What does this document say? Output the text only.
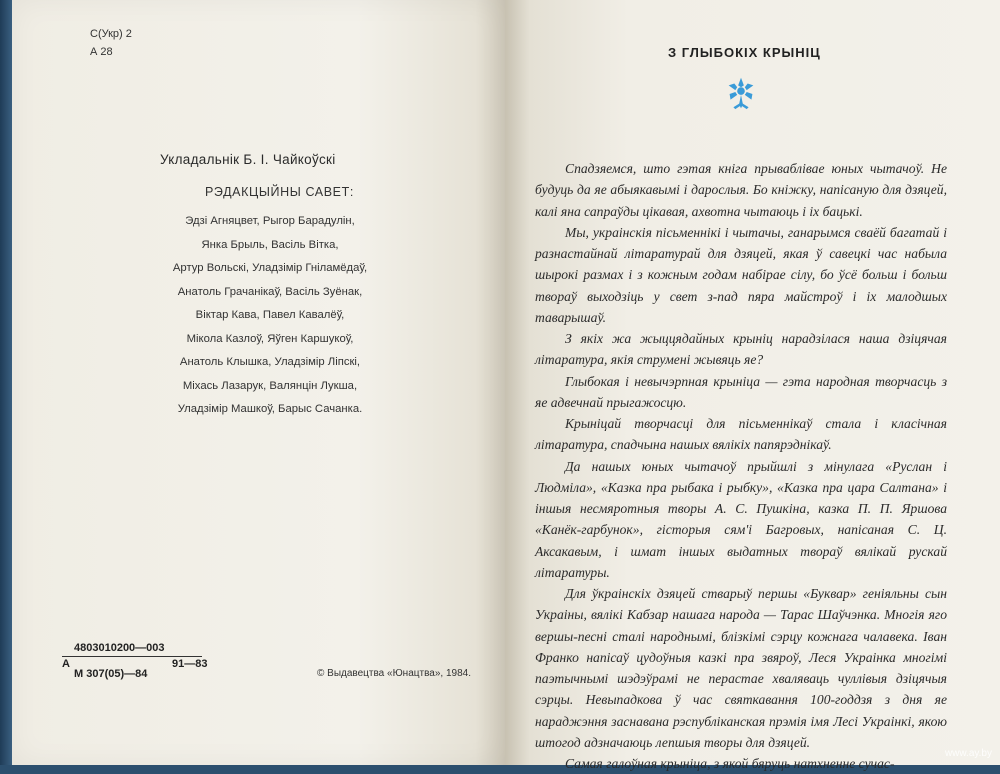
С(Укр) 2
А 28
Укладальнік Б. І. Чайкоўскі
РЭДАКЦЫЙНЫ САВЕТ:
Эдзі Агняцвет, Рыгор Барадулін,
Янка Брыль, Васіль Вітка,
Артур Вольскі, Уладзімір Гніламёдаў,
Анатоль Грачанікаў, Васіль Зуёнак,
Віктар Кава, Павел Кавалёў,
Мікола Казлоў, Яўген Каршукоў,
Анатоль Клышка, Уладзімір Ліпскі,
Міхась Лазарук, Валянцін Лукша,
Уладзімір Машкоў, Барыс Сачанка.
4803010200—003
А	91—83
М 307(05)—84	© Выдавецтва «Юнацтва», 1984.
З ГЛЫБОКІХ КРЫНІЦ

Спадзяемся, што гэтая кніга прываблівае юных чытачоў. Не будуць да яе абыякавымі і дарослыя. Бо кніжку, напісаную для дзяцей, калі яна сапраўды цікавая, ахвотна чытаюць і іх бацькі.

Мы, украінскія пісьменнікі і чытачы, ганарымся сваёй багатай і разнастайнай літаратурай для дзяцей, якая ў савецкі час набыла шырокі размах і з кожным годам набірае сілу, бо ўсё больш і больш твораў выходзіць у свет з-пад пяра майстроў і іх малодшых таварышаў.

З якіх жа жыццядайных крыніц нарадзілася наша дзіцячая літаратура, якія струмені жывяць яе?

Глыбокая і невычэрпная крыніца — гэта народная творчасць з яе адвечнай прыгажосцю.

Крыніцай творчасці для пісьменнікаў стала і класічная літаратура, спадчына нашых вялікіх папярэднікаў.

Да нашых юных чытачоў прыйшлі з мінулага «Руслан і Людміла», «Казка пра рыбака і рыбку», «Казка пра цара Салтана» і іншыя несмяротныя творы А. С. Пушкіна, казка П. П. Яршова «Канёк-гарбунок», гісторыя сям'і Багровых, напісаная С. Ц. Аксакавым, і шмат іншых выдатных твораў вялікай рускай літаратуры.

Для ўкраінскіх дзяцей стварыў першы «Буквар» геніяльны сын Украіны, вялікі Кабзар нашага народа — Тарас Шаўчэнка. Многія яго вершы-песні сталі народнымі, блізкімі сэрцу кожнага чалавека. Іван Франко напісаў цудоўныя казкі пра звяроў, Леся Украінка многімі паэтычнымі шэдэўрамі не перастае хваляваць чуллівыя дзіцячыя сэрцы. Невыпадкова ў час святкавання 100-годдзя з дня яе нараджэння заснавана рэспубліканская прэмія імя Лесі Украінкі, якою штогод адзначаюць лепшыя творы для дзяцей.

Самая галоўная крыніца, з якой бяруць натхненне сучас-

www.ay.by
